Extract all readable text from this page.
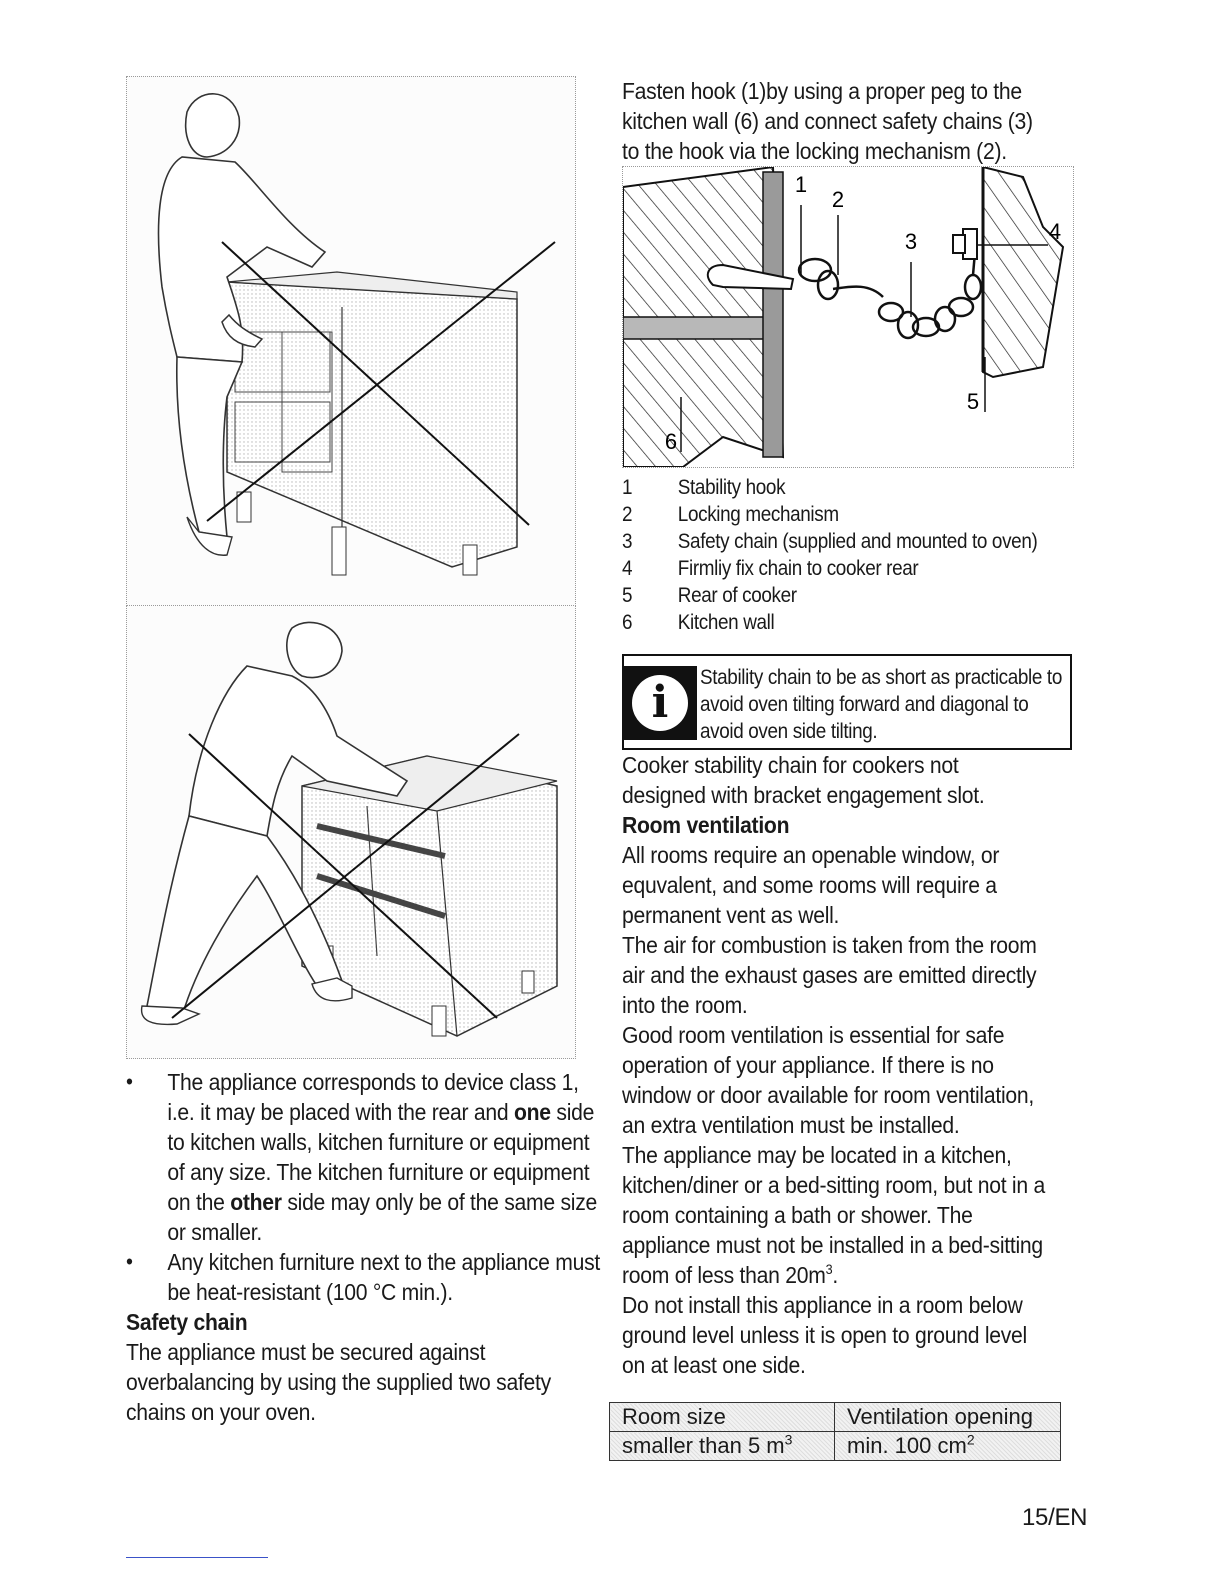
• The appliance corresponds to device class 1, i.e. it may be placed with the rear and one side to kitchen walls, kitchen furniture or equipment of any size. The kitchen furniture or equipment on the other side may only be of the same size or smaller.
• Any kitchen furniture next to the appliance must be heat-resistant (100 °C min.).
Safety chain
The appliance must be secured against overbalancing by using the supplied two safety chains on your oven.
Fasten hook (1)by using a proper peg to the kitchen wall (6) and connect safety chains (3) to the hook via the locking mechanism (2).
1
2
3	4
5
6
1	Stability hook
2	Locking mechanism
3	Safety chain (supplied and mounted to oven)
4	Firmliy fix chain to cooker rear
5	Rear of cooker
6	Kitchen wall
i	Stability chain to be as short as practicable to avoid oven tilting forward and diagonal to avoid oven side tilting.
Cooker stability chain for cookers not designed with bracket engagement slot.
Room ventilation
All rooms require an openable window, or equvalent, and some rooms will require a permanent vent as well.
The air for combustion is taken from the room air and the exhaust gases are emitted directly into the room.
Good room ventilation is essential for safe operation of your appliance. If there is no window or door available for room ventilation, an extra ventilation must be installed.
The appliance may be located in a kitchen, kitchen/diner or a bed-sitting room, but not in a room containing a bath or shower. The appliance must not be installed in a bed-sitting room of less than $20m^3$.
Do not install this appliance in a room below ground level unless it is open to ground level on at least one side.
Room size	Ventilation opening
smaller than 5 $m^3$	min. 100 $cm^2$
15/EN
